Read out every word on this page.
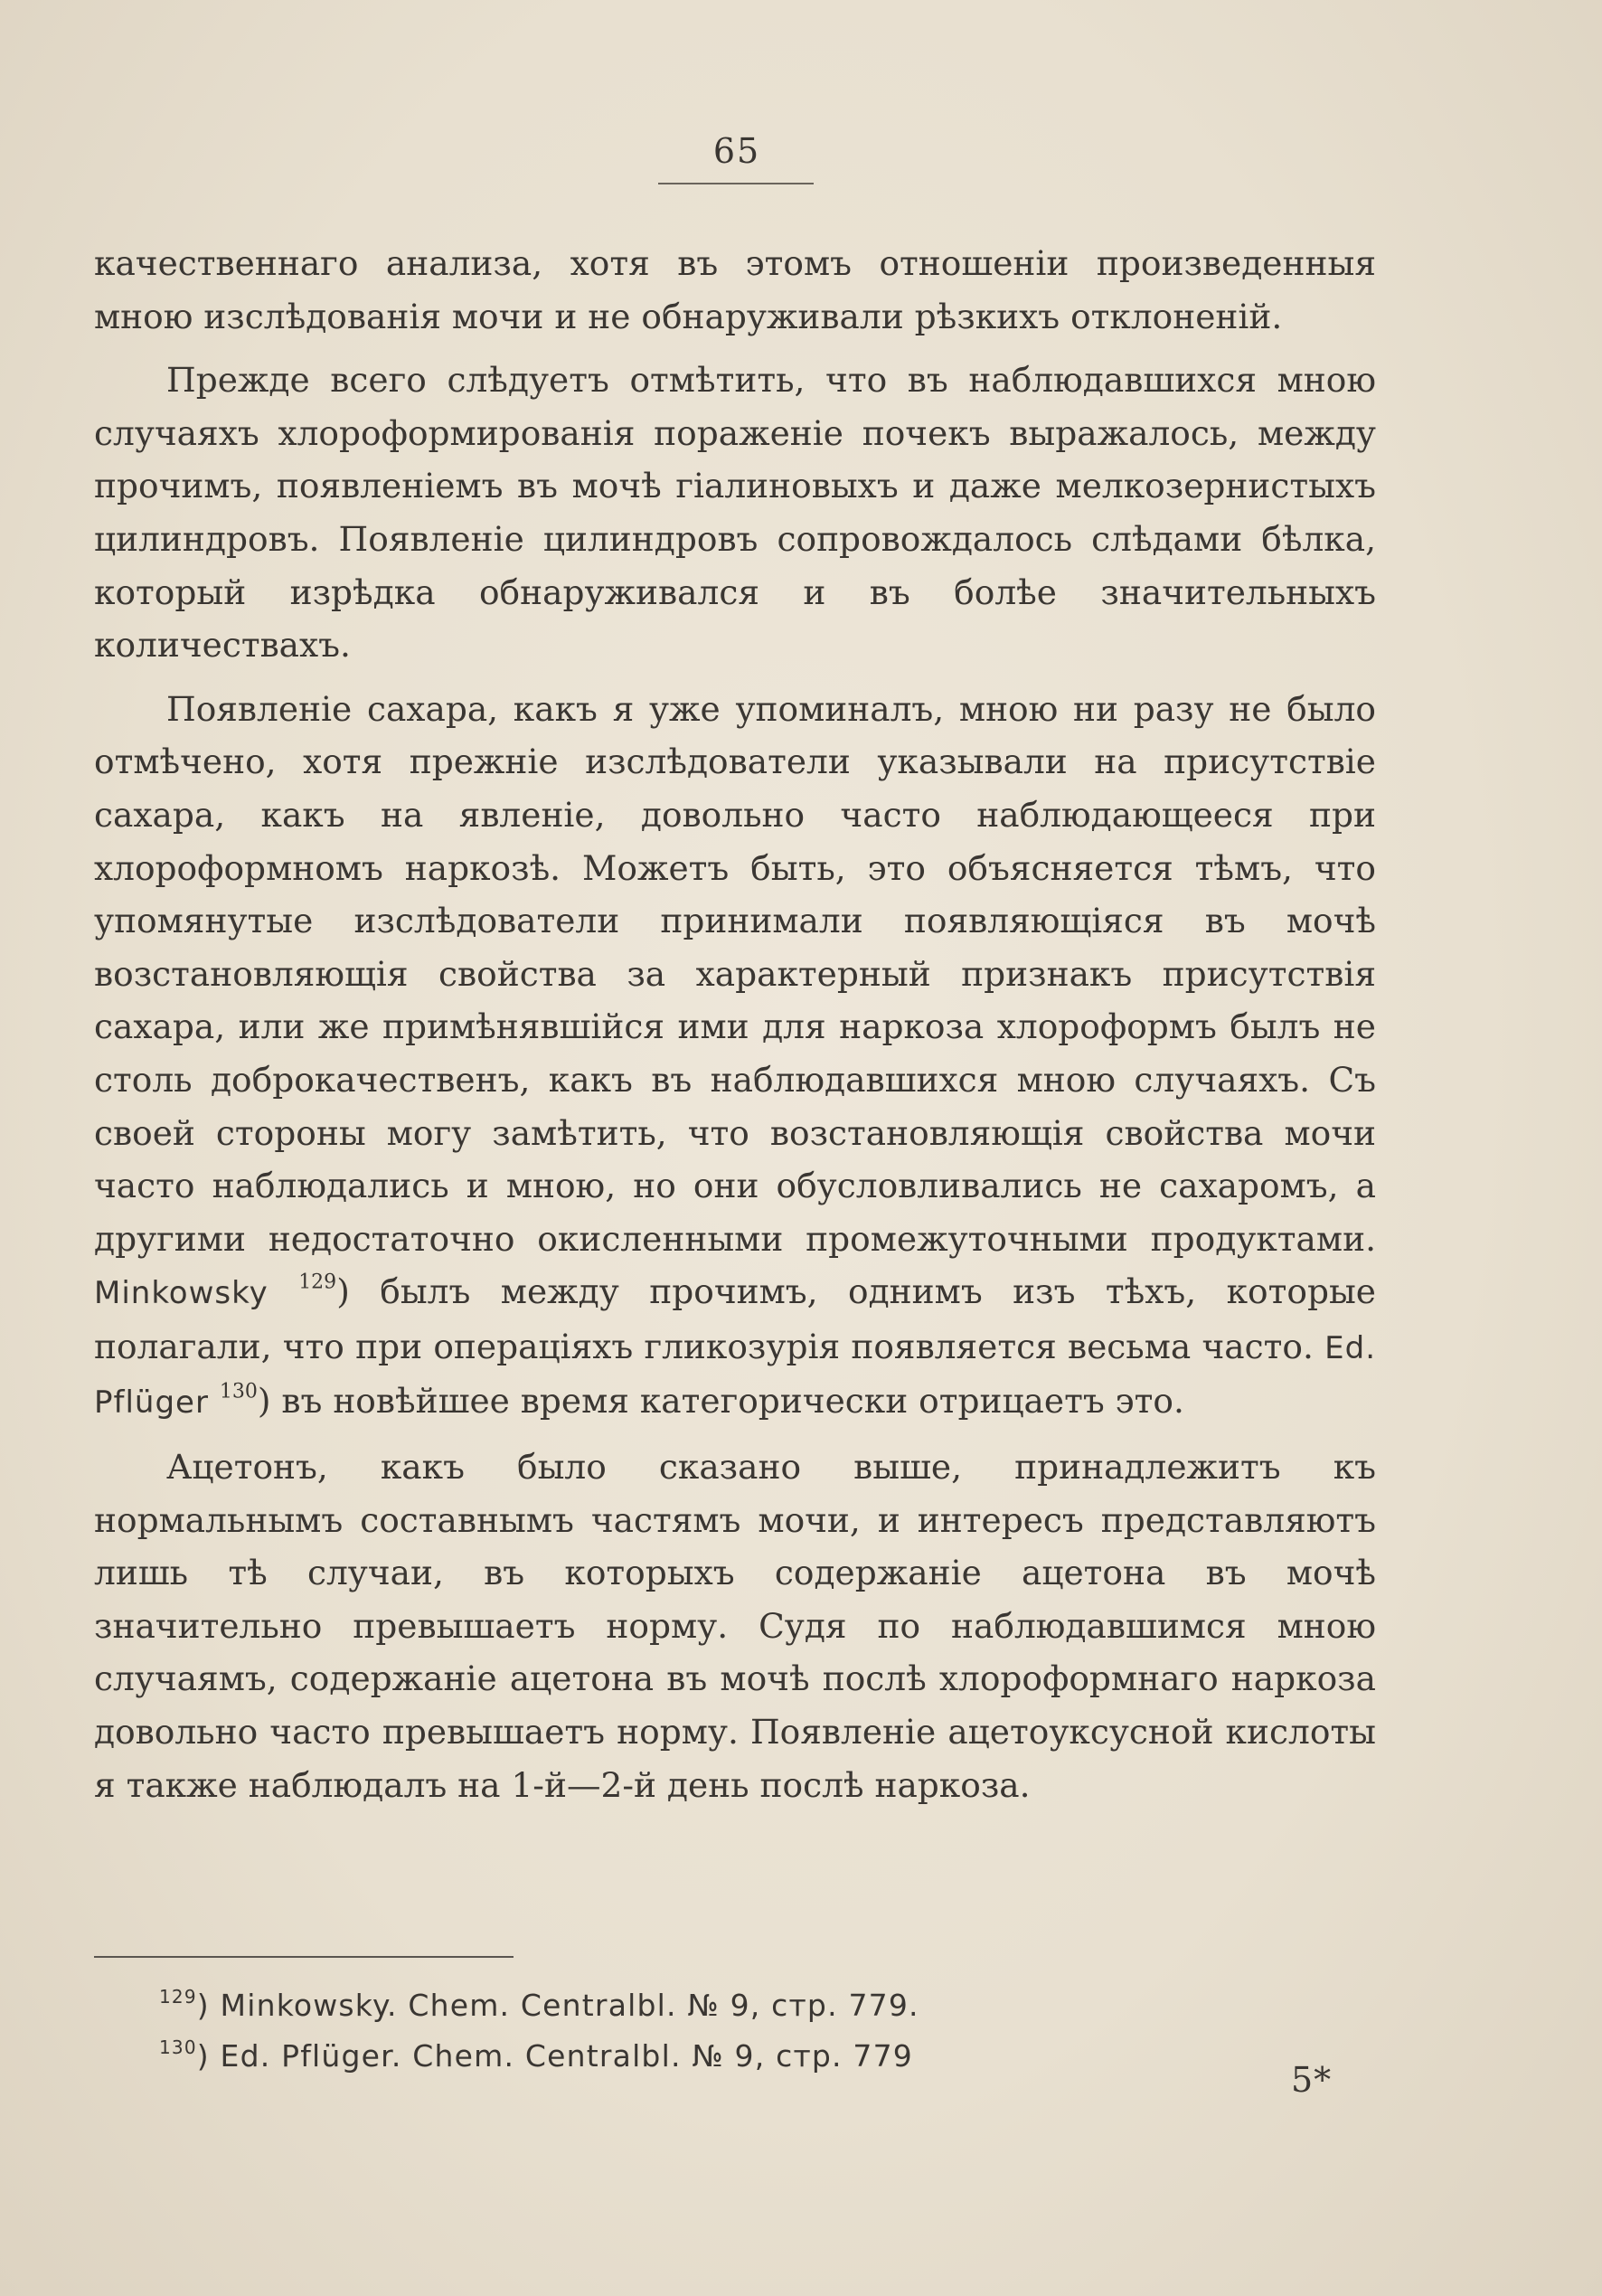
65

качественнаго анализа, хотя въ этомъ отношенiи произведенныя мною изслѣдованiя мочи и не обнаруживали рѣзкихъ отклоненiй.

Прежде всего слѣдуетъ отмѣтить, что въ наблюдавшихся мною случаяхъ хлороформированiя пораженiе почекъ выражалось, между прочимъ, появленiемъ въ мочѣ гiалиновыхъ и даже мелкозернистыхъ цилиндровъ. Появленiе цилиндровъ сопровождалось слѣдами бѣлка, который изрѣдка обнаруживался и въ болѣе значительныхъ количествахъ.

Появленiе сахара, какъ я уже упоминалъ, мною ни разу не было отмѣчено, хотя прежнiе изслѣдователи указывали на присутствiе сахара, какъ на явленiе, довольно часто наблюдающееся при хлороформномъ наркозѣ. Можетъ быть, это объясняется тѣмъ, что упомянутые изслѣдователи принимали появляющiяся въ мочѣ возстановляющiя свойства за характерный признакъ присутствiя сахара, или же примѣнявшiйся ими для наркоза хлороформъ былъ не столь доброкачественъ, какъ въ наблюдавшихся мною случаяхъ. Съ своей стороны могу замѣтить, что возстановляющiя свойства мочи часто наблюдались и мною, но они обусловливались не сахаромъ, а другими недостаточно окисленными промежуточными продуктами. Minkowsky $^{129}$) былъ между прочимъ, однимъ изъ тѣхъ, которые полагали, что при операцiяхъ гликозурiя появляется весьма часто. Ed. Pflüger $^{130}$) въ новѣйшее время категорически отрицаетъ это.

Ацетонъ, какъ было сказано выше, принадлежитъ къ нормальнымъ составнымъ частямъ мочи, и интересъ представляютъ лишь тѣ случаи, въ которыхъ содержанiе ацетона въ мочѣ значительно превышаетъ норму. Судя по наблюдавшимся мною случаямъ, содержанiе ацетона въ мочѣ послѣ хлороформнаго наркоза довольно часто превышаетъ норму. Появленiе ацетоуксусной кислоты я также наблюдалъ на 1-й—2-й день послѣ наркоза.

$^{129}$) Minkowsky. Chem. Centralbl. № 9, стр. 779.
$^{130}$) Ed. Pflüger. Chem. Centralbl. № 9, стр. 779
5*
